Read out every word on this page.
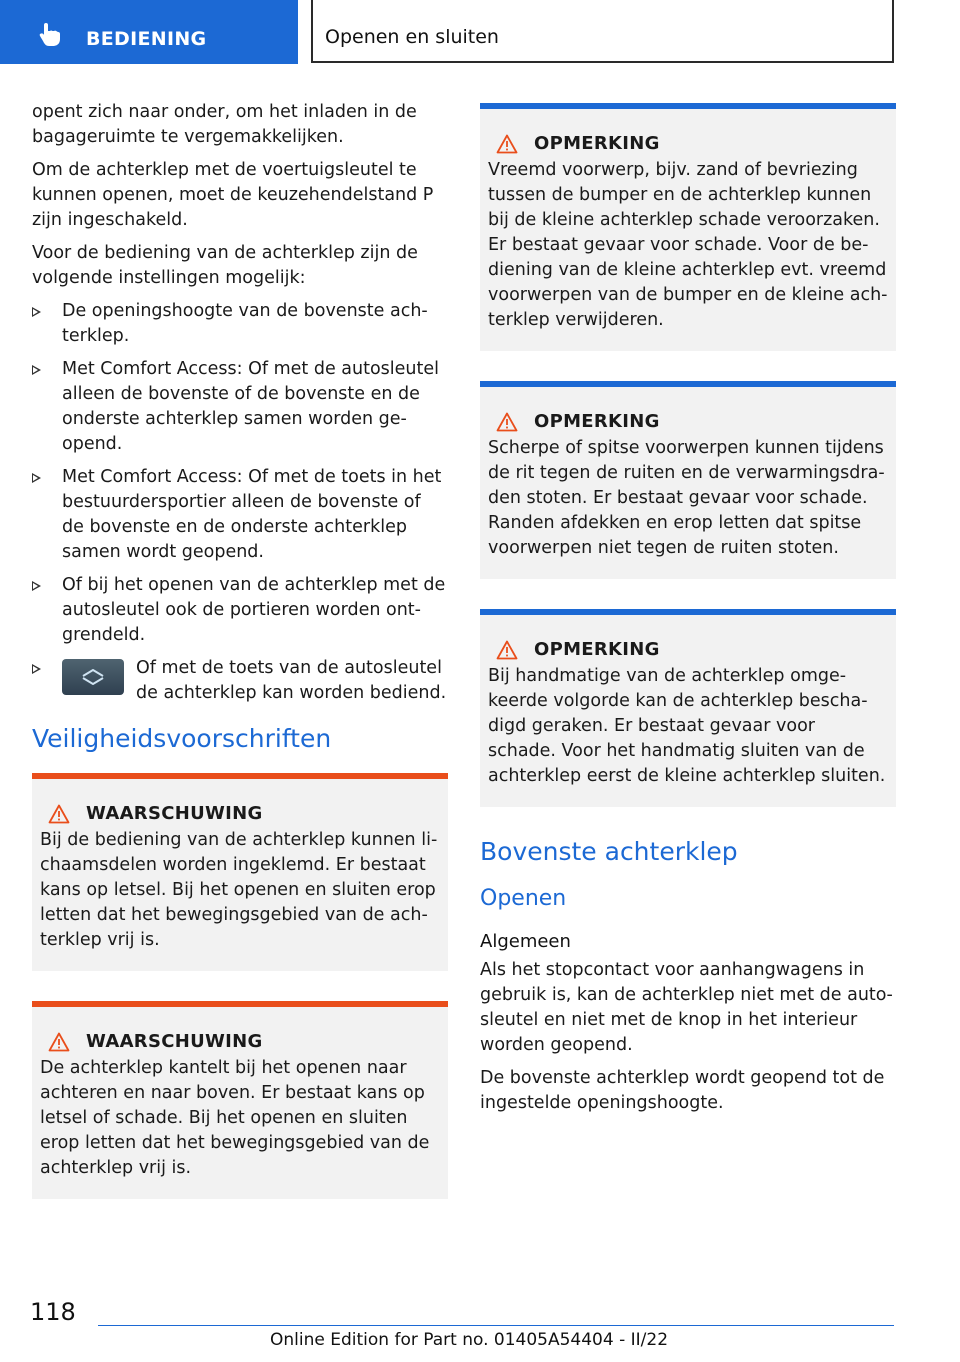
BEDIENING	Openen en sluiten

opent zich naar onder, om het inladen in de bagageruimte te vergemakkelijken.

Om de achterklep met de voertuigsleutel te kunnen openen, moet de keuzehendelstand P zijn ingeschakeld.

Voor de bediening van de achterklep zijn de volgende instellingen mogelijk:

De openingshoogte van de bovenste achterklep.
Met Comfort Access: Of met de autosleutel alleen de bovenste of de bovenste en de onderste achterklep samen worden geopend.
Met Comfort Access: Of met de toets in het bestuurdersportier alleen de bovenste of de bovenste en de onderste achterklep samen wordt geopend.
Of bij het openen van de achterklep met de autosleutel ook de portieren worden ontgrendeld.
Of met de toets van de autosleutel de achterklep kan worden bediend.
Veiligheidsvoorschriften
WAARSCHUWING

Bij de bediening van de achterklep kunnen lichaamsdelen worden ingeklemd. Er bestaat kans op letsel. Bij het openen en sluiten erop letten dat het bewegingsgebied van de achterklep vrij is.

WAARSCHUWING

De achterklep kantelt bij het openen naar achteren en naar boven. Er bestaat kans op letsel of schade. Bij het openen en sluiten erop letten dat het bewegingsgebied van de achterklep vrij is.

OPMERKING

Vreemd voorwerp, bijv. zand of bevriezing tussen de bumper en de achterklep kunnen bij de kleine achterklep schade veroorzaken. Er bestaat gevaar voor schade. Voor de bediening van de kleine achterklep evt. vreemd voorwerpen van de bumper en de kleine achterklep verwijderen.

OPMERKING

Scherpe of spitse voorwerpen kunnen tijdens de rit tegen de ruiten en de verwarmingsdraden stoten. Er bestaat gevaar voor schade. Randen afdekken en erop letten dat spitse voorwerpen niet tegen de ruiten stoten.

OPMERKING

Bij handmatige van de achterklep omgekeerde volgorde kan de achterklep beschadigd geraken. Er bestaat gevaar voor schade. Voor het handmatig sluiten van de achterklep eerst de kleine achterklep sluiten.

Bovenste achterklep
Openen
Algemeen

Als het stopcontact voor aanhangwagens in gebruik is, kan de achterklep niet met de autosleutel en niet met de knop in het interieur worden geopend.

De bovenste achterklep wordt geopend tot de ingestelde openingshoogte.

118
Online Edition for Part no. 01405A54404 - II/22
